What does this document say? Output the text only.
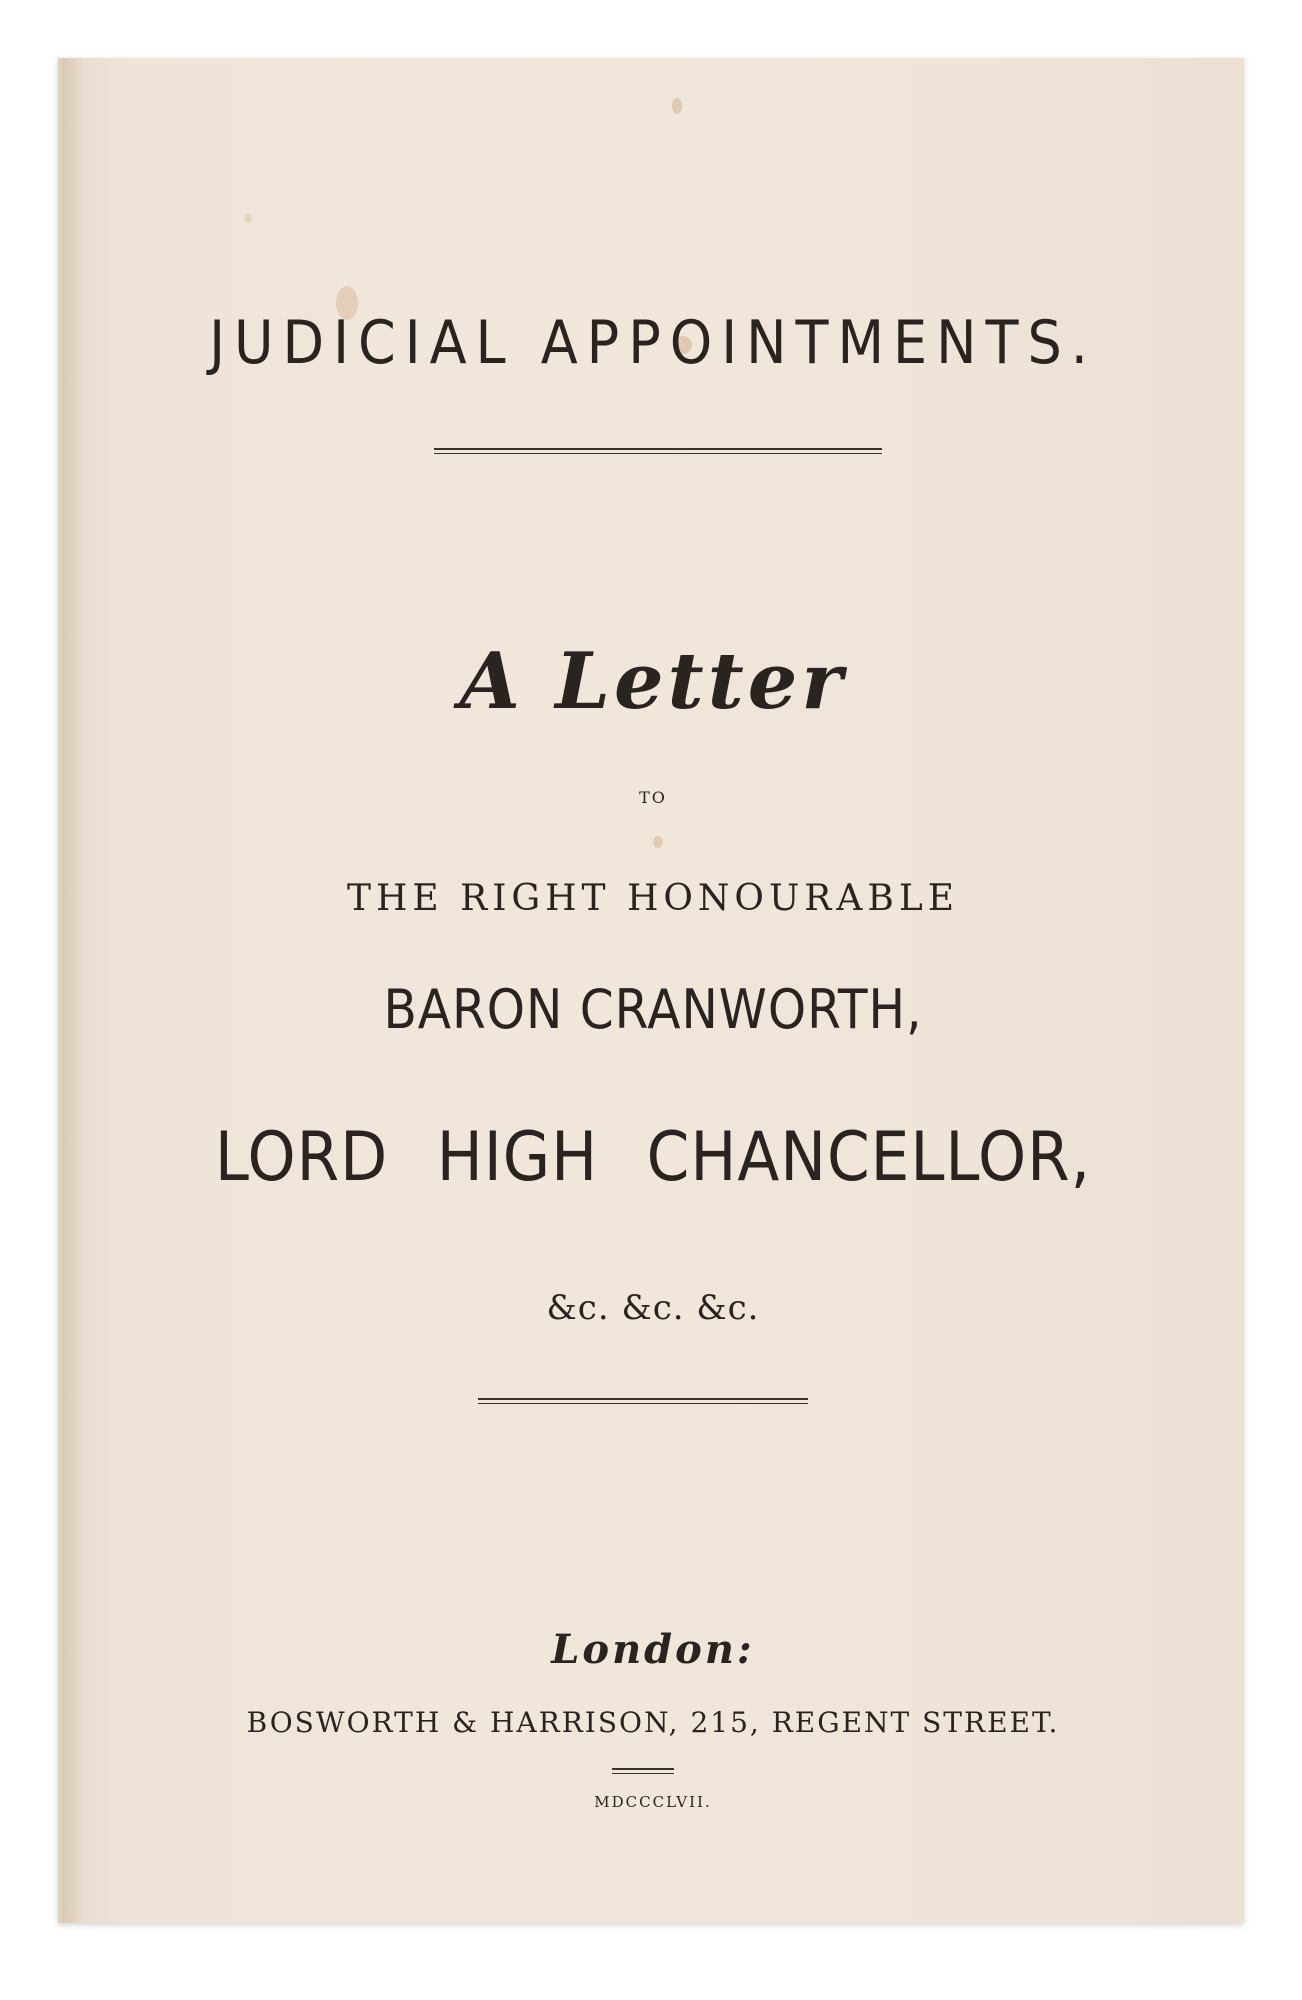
JUDICIAL APPOINTMENTS.
A Letter
TO
THE RIGHT HONOURABLE
BARON CRANWORTH,
LORD HIGH CHANCELLOR,
&c. &c. &c.
London:
BOSWORTH & HARRISON, 215, REGENT STREET.
MDCCCLVII.
